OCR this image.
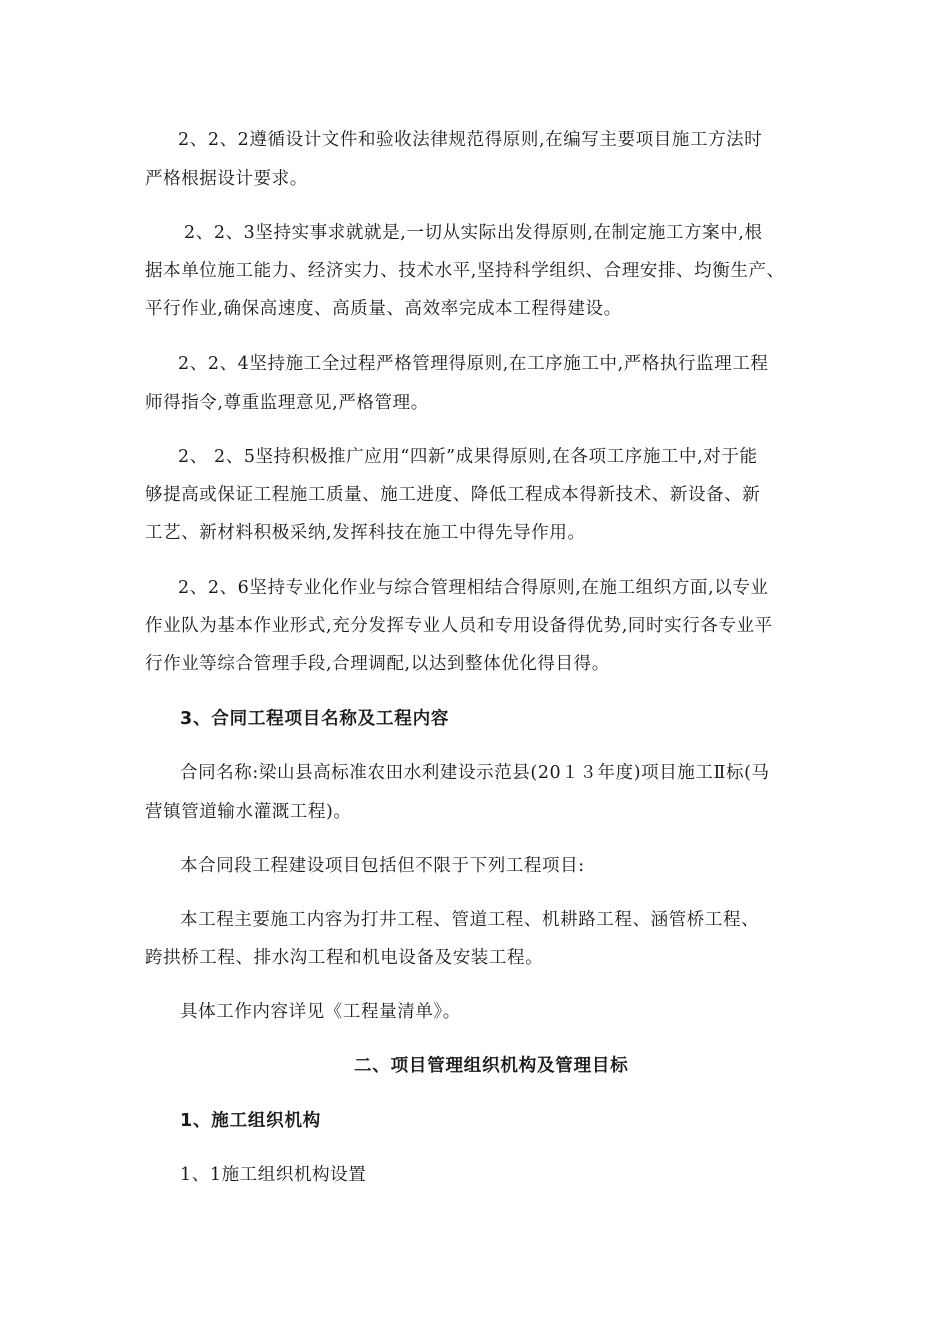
2、2、2遵循设计文件和验收法律规范得原则,在编写主要项目施工方法时
严格根据设计要求。
2、2、3坚持实事求就就是,一切从实际出发得原则,在制定施工方案中,根
据本单位施工能力、经济实力、技术水平,坚持科学组织、合理安排、均衡生产、
平行作业,确保高速度、高质量、高效率完成本工程得建设。
2、2、4坚持施工全过程严格管理得原则,在工序施工中,严格执行监理工程
师得指令,尊重监理意见,严格管理。
2、 2、5坚持积极推广应用“四新”成果得原则,在各项工序施工中,对于能
够提高或保证工程施工质量、施工进度、降低工程成本得新技术、新设备、新
工艺、新材料积极采纳,发挥科技在施工中得先导作用。
2、2、6坚持专业化作业与综合管理相结合得原则,在施工组织方面,以专业
作业队为基本作业形式,充分发挥专业人员和专用设备得优势,同时实行各专业平
行作业等综合管理手段,合理调配,以达到整体优化得目得。
3、合同工程项目名称及工程内容
合同名称:梁山县高标准农田水利建设示范县(20１３年度)项目施工Ⅱ标(马
营镇管道输水灌溉工程)。
本合同段工程建设项目包括但不限于下列工程项目:
本工程主要施工内容为打井工程、管道工程、机耕路工程、涵管桥工程、
跨拱桥工程、排水沟工程和机电设备及安装工程。
具体工作内容详见《工程量清单》。
二、项目管理组织机构及管理目标
1、施工组织机构
1、1施工组织机构设置
